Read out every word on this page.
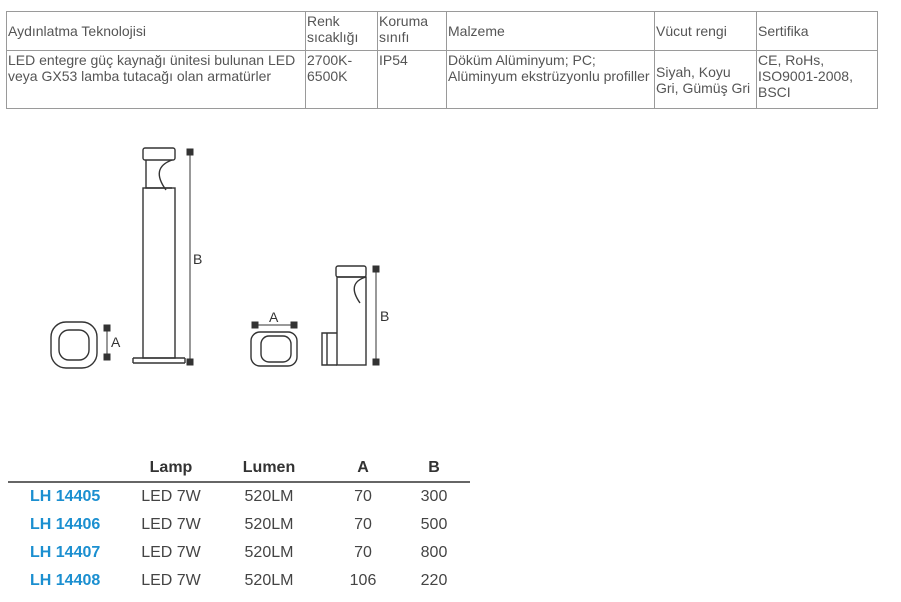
Aydınlatma Teknolojisi	Renk sıcaklığı	Koruma sınıfı	Malzeme	Vücut rengi	Sertifika
LED entegre güç kaynağı ünitesi bulunan LED veya GX53 lamba tutacağı olan armatürler	2700K-6500K	IP54	Döküm Alüminyum; PC; Alüminyum ekstrüzyonlu profiller	Siyah, Koyu Gri, Gümüş Gri	CE, RoHs, ISO9001-2008, BSCI
A
B
A	B
	Lamp	Lumen	A	B
LH 14405	LED 7W	520LM	70	300
LH 14406	LED 7W	520LM	70	500
LH 14407	LED 7W	520LM	70	800
LH 14408	LED 7W	520LM	106	220
